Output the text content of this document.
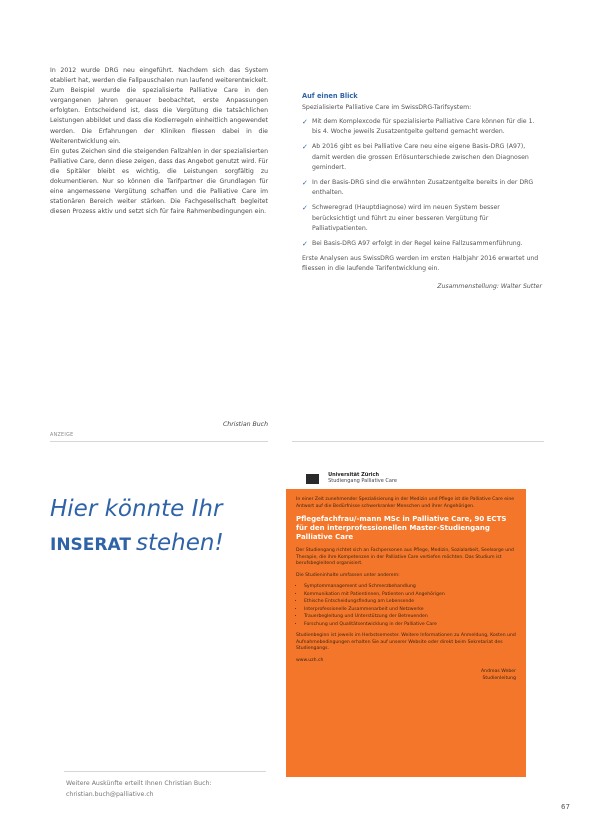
In 2012 wurde DRG neu eingeführt. Nachdem sich das System etabliert hat, werden die Fallpauschalen nun laufend weiterentwickelt. Zum Beispiel wurde die spezialisierte Palliative Care in den vergangenen Jahren genauer beobachtet, erste Anpassungen erfolgten. Entscheidend ist, dass die Vergütung die tatsächlichen Leistungen abbildet und dass die Kodierregeln einheitlich angewendet werden. Die Erfahrungen der Kliniken fliessen dabei in die Weiterentwicklung ein.

Ein gutes Zeichen sind die steigenden Fallzahlen in der spezialisierten Palliative Care, denn diese zeigen, dass das Angebot genutzt wird. Für die Spitäler bleibt es wichtig, die Leistungen sorgfältig zu dokumentieren. Nur so können die Tarifpartner die Grundlagen für eine angemessene Vergütung schaffen und die Palliative Care im stationären Bereich weiter stärken. Die Fachgesellschaft begleitet diesen Prozess aktiv und setzt sich für faire Rahmenbedingungen ein.

Christian Buch
ANZEIGE
Auf einen Blick
Spezialisierte Palliative Care im SwissDRG-Tarifsystem:
✓ Mit dem Komplexcode für spezialisierte Palliative Care können für die 1. bis 4. Woche jeweils Zusatzentgelte geltend gemacht werden.
✓ Ab 2016 gibt es bei Palliative Care neu eine eigene Basis-DRG (A97), damit werden die grossen Erlösunterschiede zwischen den Diagnosen gemindert.
✓ In der Basis-DRG sind die erwähnten Zusatzentgelte bereits in der DRG enthalten.
✓ Schweregrad (Hauptdiagnose) wird im neuen System besser berücksichtigt und führt zu einer besseren Vergütung für Palliativpatienten.
✓ Bei Basis-DRG A97 erfolgt in der Regel keine Fallzusammenführung.
Erste Analysen aus SwissDRG werden im ersten Halbjahr 2016 erwartet und fliessen in die laufende Tarifentwicklung ein.
Zusammenstellung: Walter Sutter
Hier könnte Ihr
INSERAT stehen!
Weitere Auskünfte erteilt Ihnen Christian Buch: christian.buch@palliative.ch

Universität Zürich
Studiengang Palliative Care

In einer Zeit zunehmender Spezialisierung in der Medizin und Pflege ist die Palliative Care eine Antwort auf die Bedürfnisse schwerkranker Menschen und ihrer Angehörigen.

Pflegefachfrau/-mann MSc in Palliative Care, 90 ECTS für den interprofessionellen Master-Studiengang Palliative Care

Der Studiengang richtet sich an Fachpersonen aus Pflege, Medizin, Sozialarbeit, Seelsorge und Therapie, die ihre Kompetenzen in der Palliative Care vertiefen möchten. Das Studium ist berufsbegleitend organisiert.

Die Studieninhalte umfassen unter anderem:

• Symptommanagement und Schmerzbehandlung
• Kommunikation mit Patientinnen, Patienten und Angehörigen
• Ethische Entscheidungsfindung am Lebensende
• Interprofessionelle Zusammenarbeit und Netzwerke
• Trauerbegleitung und Unterstützung der Betreuenden
• Forschung und Qualitätsentwicklung in der Palliative Care

Studienbeginn ist jeweils im Herbstsemester. Weitere Informationen zu Anmeldung, Kosten und Aufnahmebedingungen erhalten Sie auf unserer Website oder direkt beim Sekretariat des Studiengangs.

www.uzh.ch

Andreas Weber
Studienleitung
67
